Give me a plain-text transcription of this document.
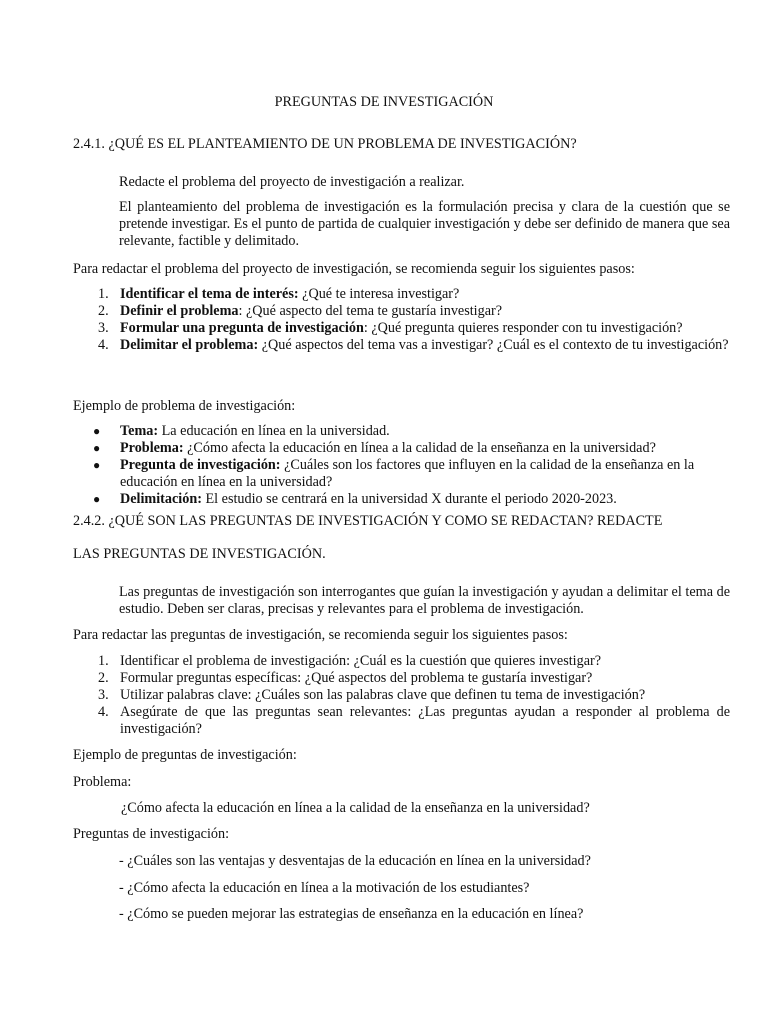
PREGUNTAS DE INVESTIGACIÓN

2.4.1. ¿QUÉ ES EL PLANTEAMIENTO DE UN PROBLEMA DE INVESTIGACIÓN?

Redacte el problema del proyecto de investigación a realizar.

El planteamiento del problema de investigación es la formulación precisa y clara de la cuestión que se pretende investigar. Es el punto de partida de cualquier investigación y debe ser definido de manera que sea relevante, factible y delimitado.

Para redactar el problema del proyecto de investigación, se recomienda seguir los siguientes pasos:

1. Identificar el tema de interés: ¿Qué te interesa investigar?
2. Definir el problema: ¿Qué aspecto del tema te gustaría investigar?
3. Formular una pregunta de investigación: ¿Qué pregunta quieres responder con tu investigación?
4. Delimitar el problema: ¿Qué aspectos del tema vas a investigar? ¿Cuál es el contexto de tu investigación?

Ejemplo de problema de investigación:

● Tema: La educación en línea en la universidad.
● Problema: ¿Cómo afecta la educación en línea a la calidad de la enseñanza en la universidad?
● Pregunta de investigación: ¿Cuáles son los factores que influyen en la calidad de la enseñanza en la educación en línea en la universidad?
● Delimitación: El estudio se centrará en la universidad X durante el periodo 2020-2023.

2.4.2. ¿QUÉ SON LAS PREGUNTAS DE INVESTIGACIÓN Y COMO SE REDACTAN? REDACTE

LAS PREGUNTAS DE INVESTIGACIÓN.

Las preguntas de investigación son interrogantes que guían la investigación y ayudan a delimitar el tema de estudio. Deben ser claras, precisas y relevantes para el problema de investigación.

Para redactar las preguntas de investigación, se recomienda seguir los siguientes pasos:

1. Identificar el problema de investigación: ¿Cuál es la cuestión que quieres investigar?
2. Formular preguntas específicas: ¿Qué aspectos del problema te gustaría investigar?
3. Utilizar palabras clave: ¿Cuáles son las palabras clave que definen tu tema de investigación?
4. Asegúrate de que las preguntas sean relevantes: ¿Las preguntas ayudan a responder al problema de investigación?

Ejemplo de preguntas de investigación:

Problema:

¿Cómo afecta la educación en línea a la calidad de la enseñanza en la universidad?

Preguntas de investigación:

- ¿Cuáles son las ventajas y desventajas de la educación en línea en la universidad?

- ¿Cómo afecta la educación en línea a la motivación de los estudiantes?

- ¿Cómo se pueden mejorar las estrategias de enseñanza en la educación en línea?
